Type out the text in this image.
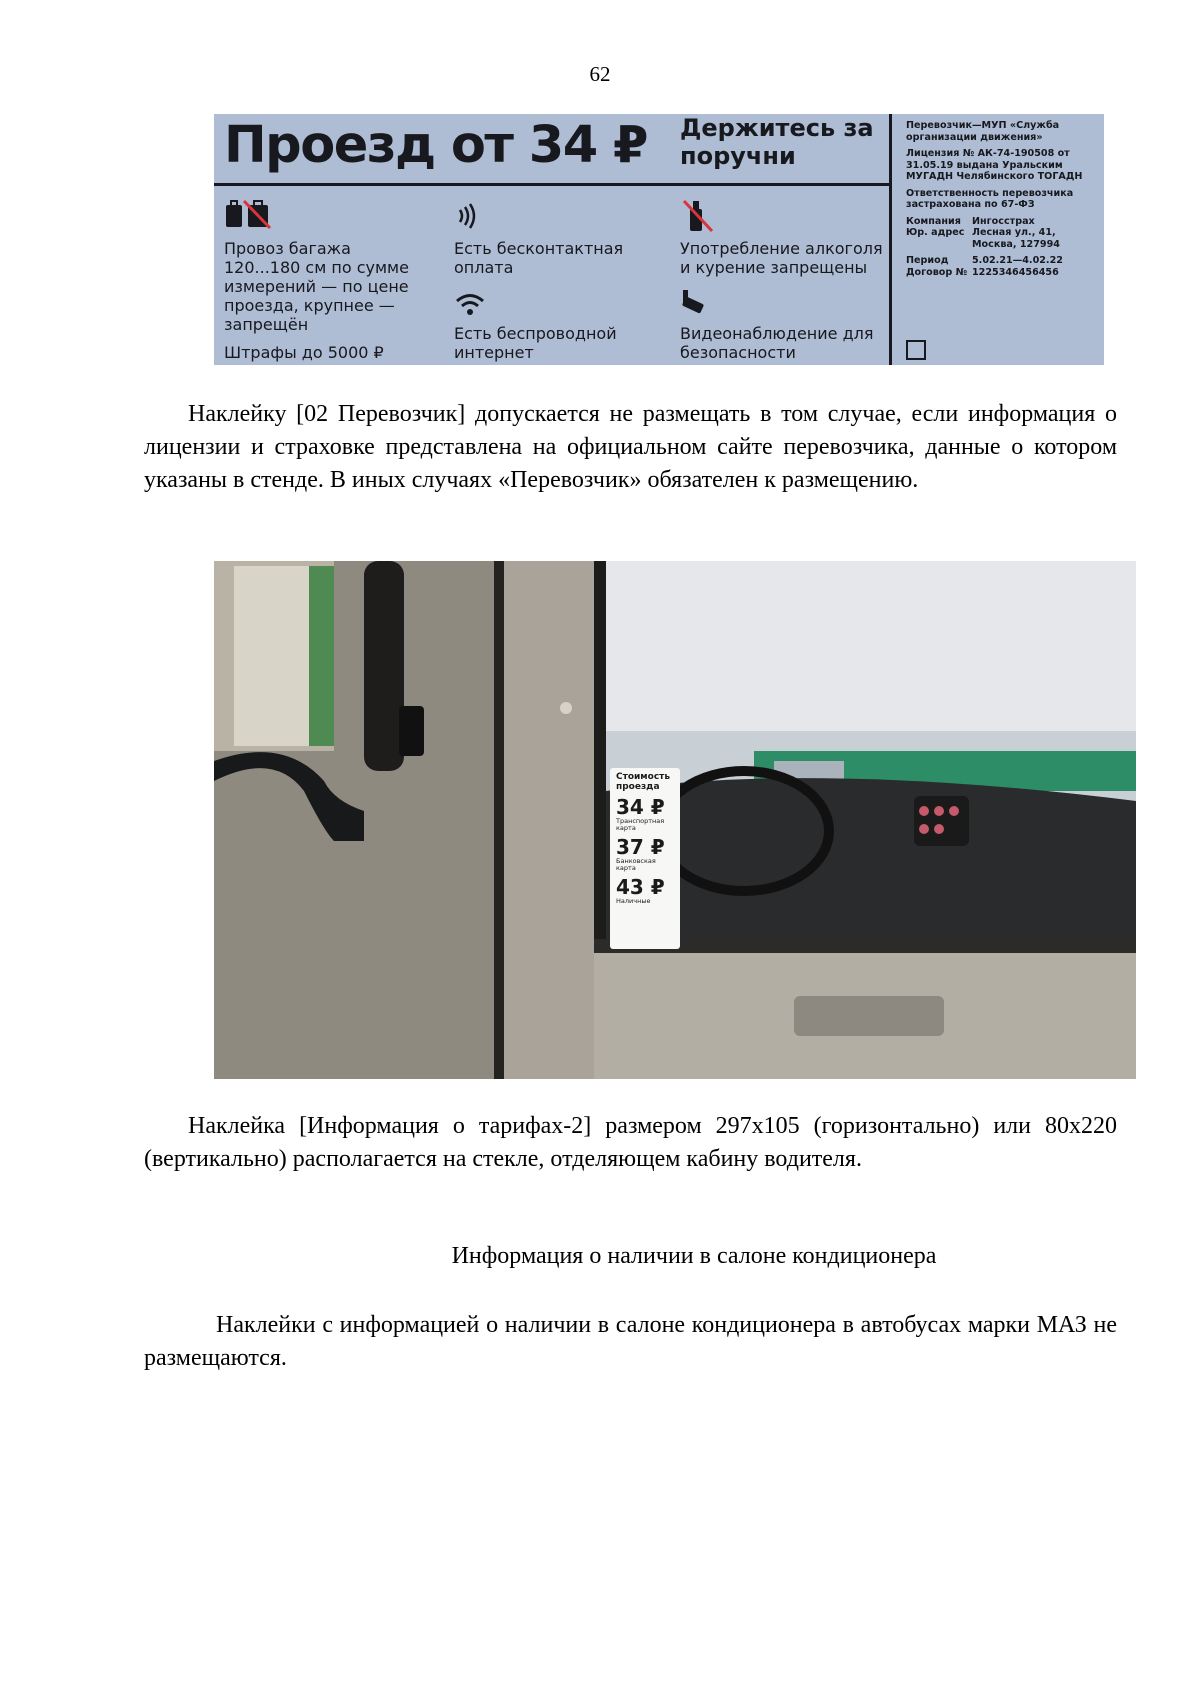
62
Проезд от 34 ₽ Держитесь за поручни
Провоз багажа 120...180 см по сумме измерений — по цене проезда, крупнее — запрещён
Штрафы до 5000 ₽
Есть бесконтактная оплата
Есть беспроводной интернет
Употребление алкоголя и курение запрещены
Видеонаблюдение для безопасности
Перевозчик—МУП «Служба организации движения»
Лицензия № АК-74-190508 от 31.05.19 выдана Уральским МУГАДН Челябинского ТОГАДН
Ответственность перевозчика застрахована по 67-ФЗ
Компания	Ингосстрах
Юр. адрес Лесная ул., 41, Москва, 127994
Период	5.02.21—4.02.22
Договор № 1225346456456
Наклейку [02 Перевозчик] допускается не размещать в том случае, если информация о лицензии и страховке представлена на официальном сайте перевозчика, данные о котором указаны в стенде. В иных случаях «Перевозчик» обязателен к размещению.
Стоимость проезда
34 ₽
Транспортная карта
37 ₽
Банковская карта
43 ₽
Наличные
Наклейка [Информация о тарифах-2] размером 297х105 (горизонтально) или 80х220 (вертикально) располагается на стекле, отделяющем кабину водителя.
Информация о наличии в салоне кондиционера
Наклейки с информацией о наличии в салоне кондиционера в автобусах марки МАЗ не размещаются.
